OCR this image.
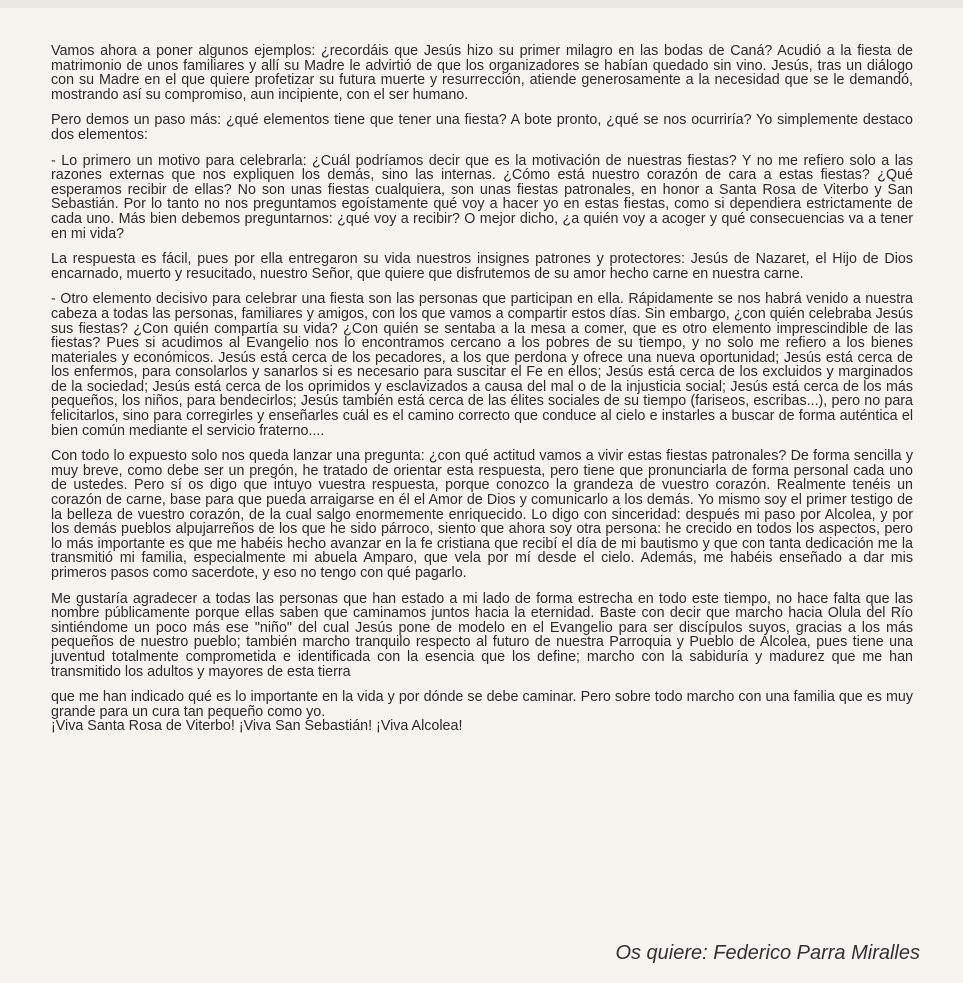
Vamos ahora a poner algunos ejemplos: ¿recordáis que Jesús hizo su primer milagro en las bodas de Caná? Acudió a la fiesta de matrimonio de unos familiares y allí su Madre le advirtió de que los organizadores se habían quedado sin vino. Jesús, tras un diálogo con su Madre en el que quiere profetizar su futura muerte y resurrección, atiende generosamente a la necesidad que se le demandó, mostrando así su compromiso, aun incipiente, con el ser humano.

Pero demos un paso más: ¿qué elementos tiene que tener una fiesta? A bote pronto, ¿qué se nos ocurriría? Yo simplemente destaco dos elementos:

- Lo primero un motivo para celebrarla: ¿Cuál podríamos decir que es la motivación de nuestras fiestas? Y no me refiero solo a las razones externas que nos expliquen los demás, sino las internas. ¿Cómo está nuestro corazón de cara a estas fiestas? ¿Qué esperamos recibir de ellas? No son unas fiestas cualquiera, son unas fiestas patronales, en honor a Santa Rosa de Viterbo y San Sebastián. Por lo tanto no nos preguntamos egoístamente qué voy a hacer yo en estas fiestas, como si dependiera estrictamente de cada uno. Más bien debemos preguntarnos: ¿qué voy a recibir? O mejor dicho, ¿a quién voy a acoger y qué consecuencias va a tener en mi vida?

La respuesta es fácil, pues por ella entregaron su vida nuestros insignes patrones y protectores: Jesús de Nazaret, el Hijo de Dios encarnado, muerto y resucitado, nuestro Señor, que quiere que disfrutemos de su amor hecho carne en nuestra carne.

- Otro elemento decisivo para celebrar una fiesta son las personas que participan en ella. Rápidamente se nos habrá venido a nuestra cabeza a todas las personas, familiares y amigos, con los que vamos a compartir estos días. Sin embargo, ¿con quién celebraba Jesús sus fiestas? ¿Con quién compartía su vida? ¿Con quién se sentaba a la mesa a comer, que es otro elemento imprescindible de las fiestas? Pues si acudimos al Evangelio nos lo encontramos cercano a los pobres de su tiempo, y no solo me refiero a los bienes materiales y económicos. Jesús está cerca de los pecadores, a los que perdona y ofrece una nueva oportunidad; Jesús está cerca de los enfermos, para consolarlos y sanarlos si es necesario para suscitar el Fe en ellos; Jesús está cerca de los excluidos y marginados de la sociedad; Jesús está cerca de los oprimidos y esclavizados a causa del mal o de la injusticia social; Jesús está cerca de los más pequeños, los niños, para bendecirlos; Jesús también está cerca de las élites sociales de su tiempo (fariseos, escribas...), pero no para felicitarlos, sino para corregirles y enseñarles cuál es el camino correcto que conduce al cielo e instarles a buscar de forma auténtica el bien común mediante el servicio fraterno....

Con todo lo expuesto solo nos queda lanzar una pregunta: ¿con qué actitud vamos a vivir estas fiestas patronales? De forma sencilla y muy breve, como debe ser un pregón, he tratado de orientar esta respuesta, pero tiene que pronunciarla de forma personal cada uno de ustedes. Pero sí os digo que intuyo vuestra respuesta, porque conozco la grandeza de vuestro corazón. Realmente tenéis un corazón de carne, base para que pueda arraigarse en él el Amor de Dios y comunicarlo a los demás. Yo mismo soy el primer testigo de la belleza de vuestro corazón, de la cual salgo enormemente enriquecido. Lo digo con sinceridad: después mi paso por Alcolea, y por los demás pueblos alpujarreños de los que he sido párroco, siento que ahora soy otra persona: he crecido en todos los aspectos, pero lo más importante es que me habéis hecho avanzar en la fe cristiana que recibí el día de mi bautismo y que con tanta dedicación me la transmitió mi familia, especialmente mi abuela Amparo, que vela por mí desde el cielo. Además, me habéis enseñado a dar mis primeros pasos como sacerdote, y eso no tengo con qué pagarlo.

Me gustaría agradecer a todas las personas que han estado a mi lado de forma estrecha en todo este tiempo, no hace falta que las nombre públicamente porque ellas saben que caminamos juntos hacia la eternidad. Baste con decir que marcho hacia Olula del Río sintiéndome un poco más ese "niño" del cual Jesús pone de modelo en el Evangelio para ser discípulos suyos, gracias a los más pequeños de nuestro pueblo; también marcho tranquilo respecto al futuro de nuestra Parroquia y Pueblo de Alcolea, pues tiene una juventud totalmente comprometida e identificada con la esencia que los define; marcho con la sabiduría y madurez que me han transmitido los adultos y mayores de esta tierra

que me han indicado qué es lo importante en la vida y por dónde se debe caminar. Pero sobre todo marcho con una familia que es muy grande para un cura tan pequeño como yo.
¡Viva Santa Rosa de Viterbo! ¡Viva San Sebastián! ¡Viva Alcolea!

Os quiere: Federico Parra Miralles
